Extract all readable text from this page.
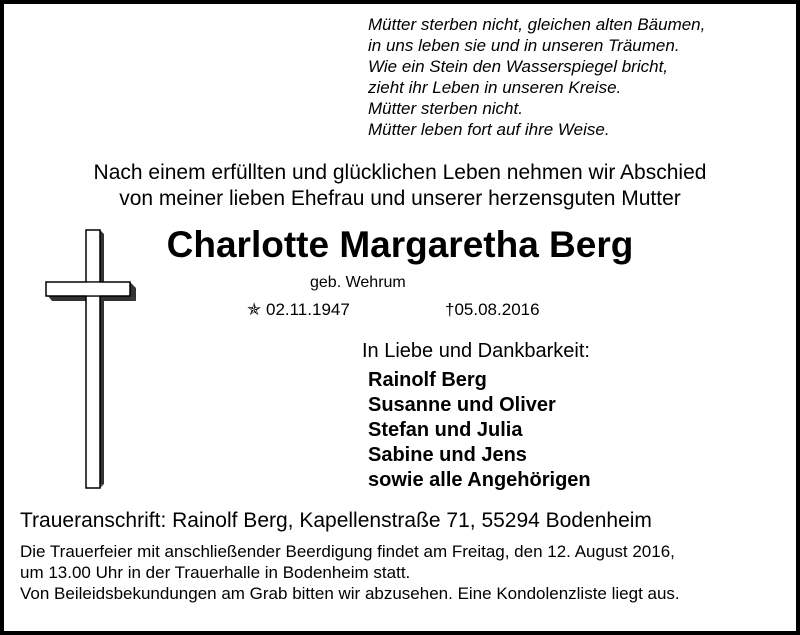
Mütter sterben nicht, gleichen alten Bäumen,
in uns leben sie und in unseren Träumen.
Wie ein Stein den Wasserspiegel bricht,
zieht ihr Leben in unseren Kreise.
Mütter sterben nicht.
Mütter leben fort auf ihre Weise.
Nach einem erfüllten und glücklichen Leben nehmen wir Abschied
von meiner lieben Ehefrau und unserer herzensguten Mutter
Charlotte Margaretha Berg
geb. Wehrum
✯ 02.11.1947	†05.08.2016
In Liebe und Dankbarkeit:
Rainolf Berg
Susanne und Oliver
Stefan und Julia
Sabine und Jens
sowie alle Angehörigen
Traueranschrift: Rainolf Berg, Kapellenstraße 71, 55294 Bodenheim
Die Trauerfeier mit anschließender Beerdigung findet am Freitag, den 12. August 2016,
um 13.00 Uhr in der Trauerhalle in Bodenheim statt.
Von Beileidsbekundungen am Grab bitten wir abzusehen. Eine Kondolenzliste liegt aus.
